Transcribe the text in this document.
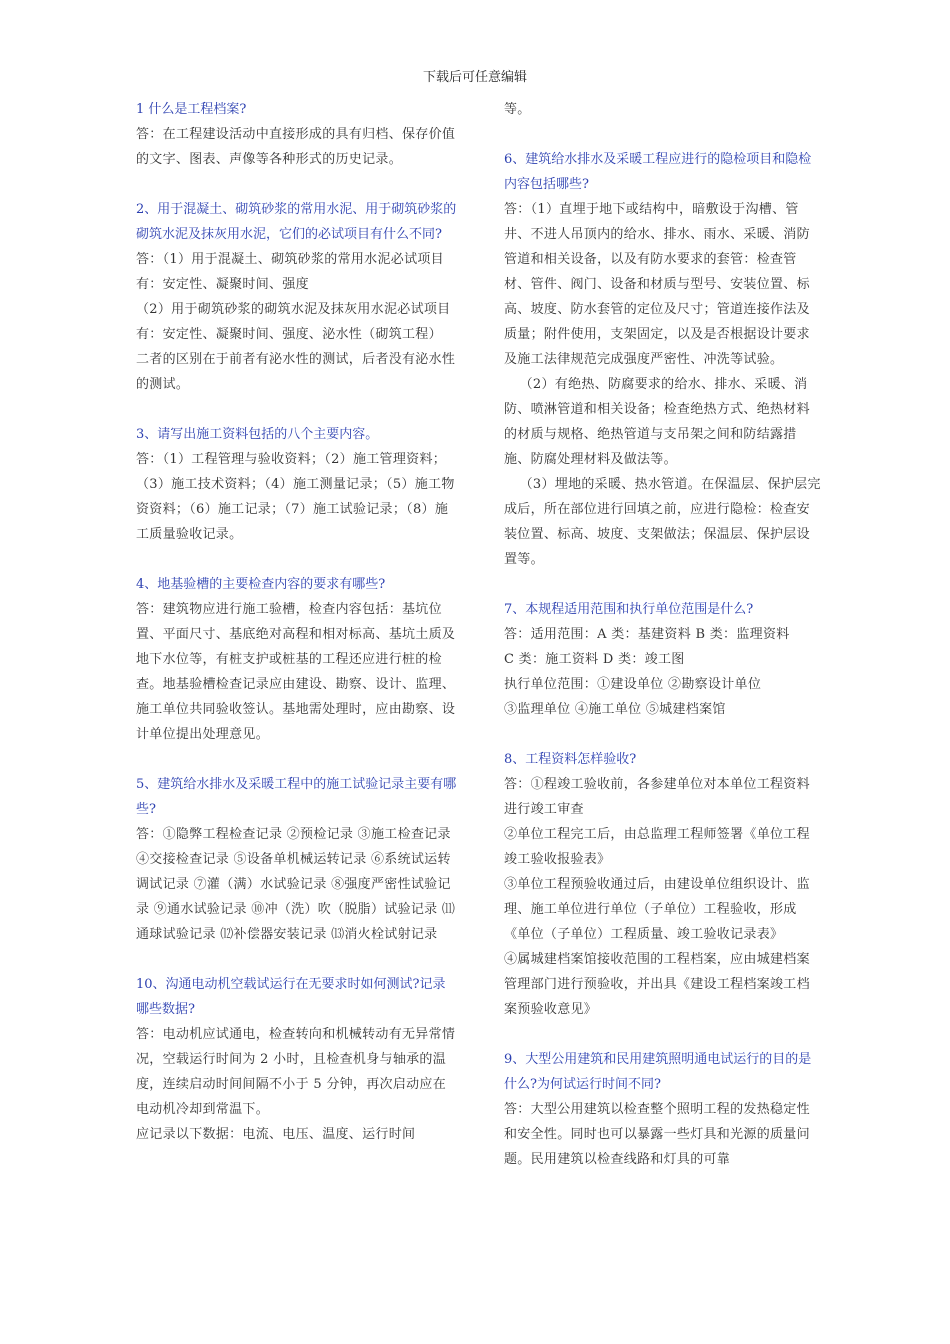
下载后可任意编辑

1 什么是工程档案?

答：在工程建设活动中直接形成的具有归档、保存价值的文字、图表、声像等各种形式的历史记录。

2、用于混凝土、砌筑砂浆的常用水泥、用于砌筑砂浆的砌筑水泥及抹灰用水泥，它们的必试项目有什么不同?

答：（1）用于混凝土、砌筑砂浆的常用水泥必试项目有：安定性、凝聚时间、强度

（2）用于砌筑砂浆的砌筑水泥及抹灰用水泥必试项目有：安定性、凝聚时间、强度、泌水性（砌筑工程）

二者的区别在于前者有泌水性的测试，后者没有泌水性的测试。

3、请写出施工资料包括的八个主要内容。

答：（1）工程管理与验收资料；（2）施工管理资料；（3）施工技术资料；（4）施工测量记录；（5）施工物资资料；（6）施工记录；（7）施工试验记录；（8）施工质量验收记录。

4、地基验槽的主要检查内容的要求有哪些?

答：建筑物应进行施工验槽，检查内容包括：基坑位置、平面尺寸、基底绝对高程和相对标高、基坑土质及地下水位等，有桩支护或桩基的工程还应进行桩的检查。地基验槽检查记录应由建设、勘察、设计、监理、施工单位共同验收签认。基地需处理时，应由勘察、设计单位提出处理意见。

5、建筑给水排水及采暖工程中的施工试验记录主要有哪些?

答：①隐弊工程检查记录 ②预检记录 ③施工检查记录 ④交接检查记录 ⑤设备单机械运转记录 ⑥系统试运转调试记录 ⑦灌（满）水试验记录 ⑧强度严密性试验记录 ⑨通水试验记录 ⑩冲（洗）吹（脱脂）试验记录 ⑾通球试验记录 ⑿补偿器安装记录 ⒀消火栓试射记录

10、沟通电动机空载试运行在无要求时如何测试?记录哪些数据?

答：电动机应试通电，检查转向和机械转动有无异常情况，空载运行时间为 2 小时，且检查机身与轴承的温度，连续启动时间间隔不小于 5 分钟，再次启动应在电动机冷却到常温下。

应记录以下数据：电流、电压、温度、运行时间

等。

6、建筑给水排水及采暖工程应进行的隐检项目和隐检内容包括哪些?

答：（1）直埋于地下或结构中，暗敷设于沟槽、管井、不进人吊顶内的给水、排水、雨水、采暖、消防管道和相关设备，以及有防水要求的套管：检查管材、管件、阀门、设备和材质与型号、安装位置、标高、坡度、防水套管的定位及尺寸；管道连接作法及质量；附件使用，支架固定，以及是否根据设计要求及施工法律规范完成强度严密性、冲洗等试验。

（2）有绝热、防腐要求的给水、排水、采暖、消防、喷淋管道和相关设备；检查绝热方式、绝热材料的材质与规格、绝热管道与支吊架之间和防结露措施、防腐处理材料及做法等。

（3）埋地的采暖、热水管道。在保温层、保护层完成后，所在部位进行回填之前，应进行隐检：检查安装位置、标高、坡度、支架做法；保温层、保护层设置等。

7、本规程适用范围和执行单位范围是什么?

答：适用范围：A 类：基建资料 B 类：监理资料

C 类：施工资料 D 类：竣工图

执行单位范围：①建设单位 ②勘察设计单位

③监理单位 ④施工单位 ⑤城建档案馆

8、工程资料怎样验收?

答：①程竣工验收前，各参建单位对本单位工程资料进行竣工审查

②单位工程完工后，由总监理工程师签署《单位工程竣工验收报验表》

③单位工程预验收通过后，由建设单位组织设计、监理、施工单位进行单位（子单位）工程验收，形成《单位（子单位）工程质量、竣工验收记录表》

④属城建档案馆接收范围的工程档案，应由城建档案管理部门进行预验收，并出具《建设工程档案竣工档案预验收意见》

9、大型公用建筑和民用建筑照明通电试运行的目的是什么?为何试运行时间不同?

答：大型公用建筑以检查整个照明工程的发热稳定性和安全性。同时也可以暴露一些灯具和光源的质量问题。民用建筑以检查线路和灯具的可靠
